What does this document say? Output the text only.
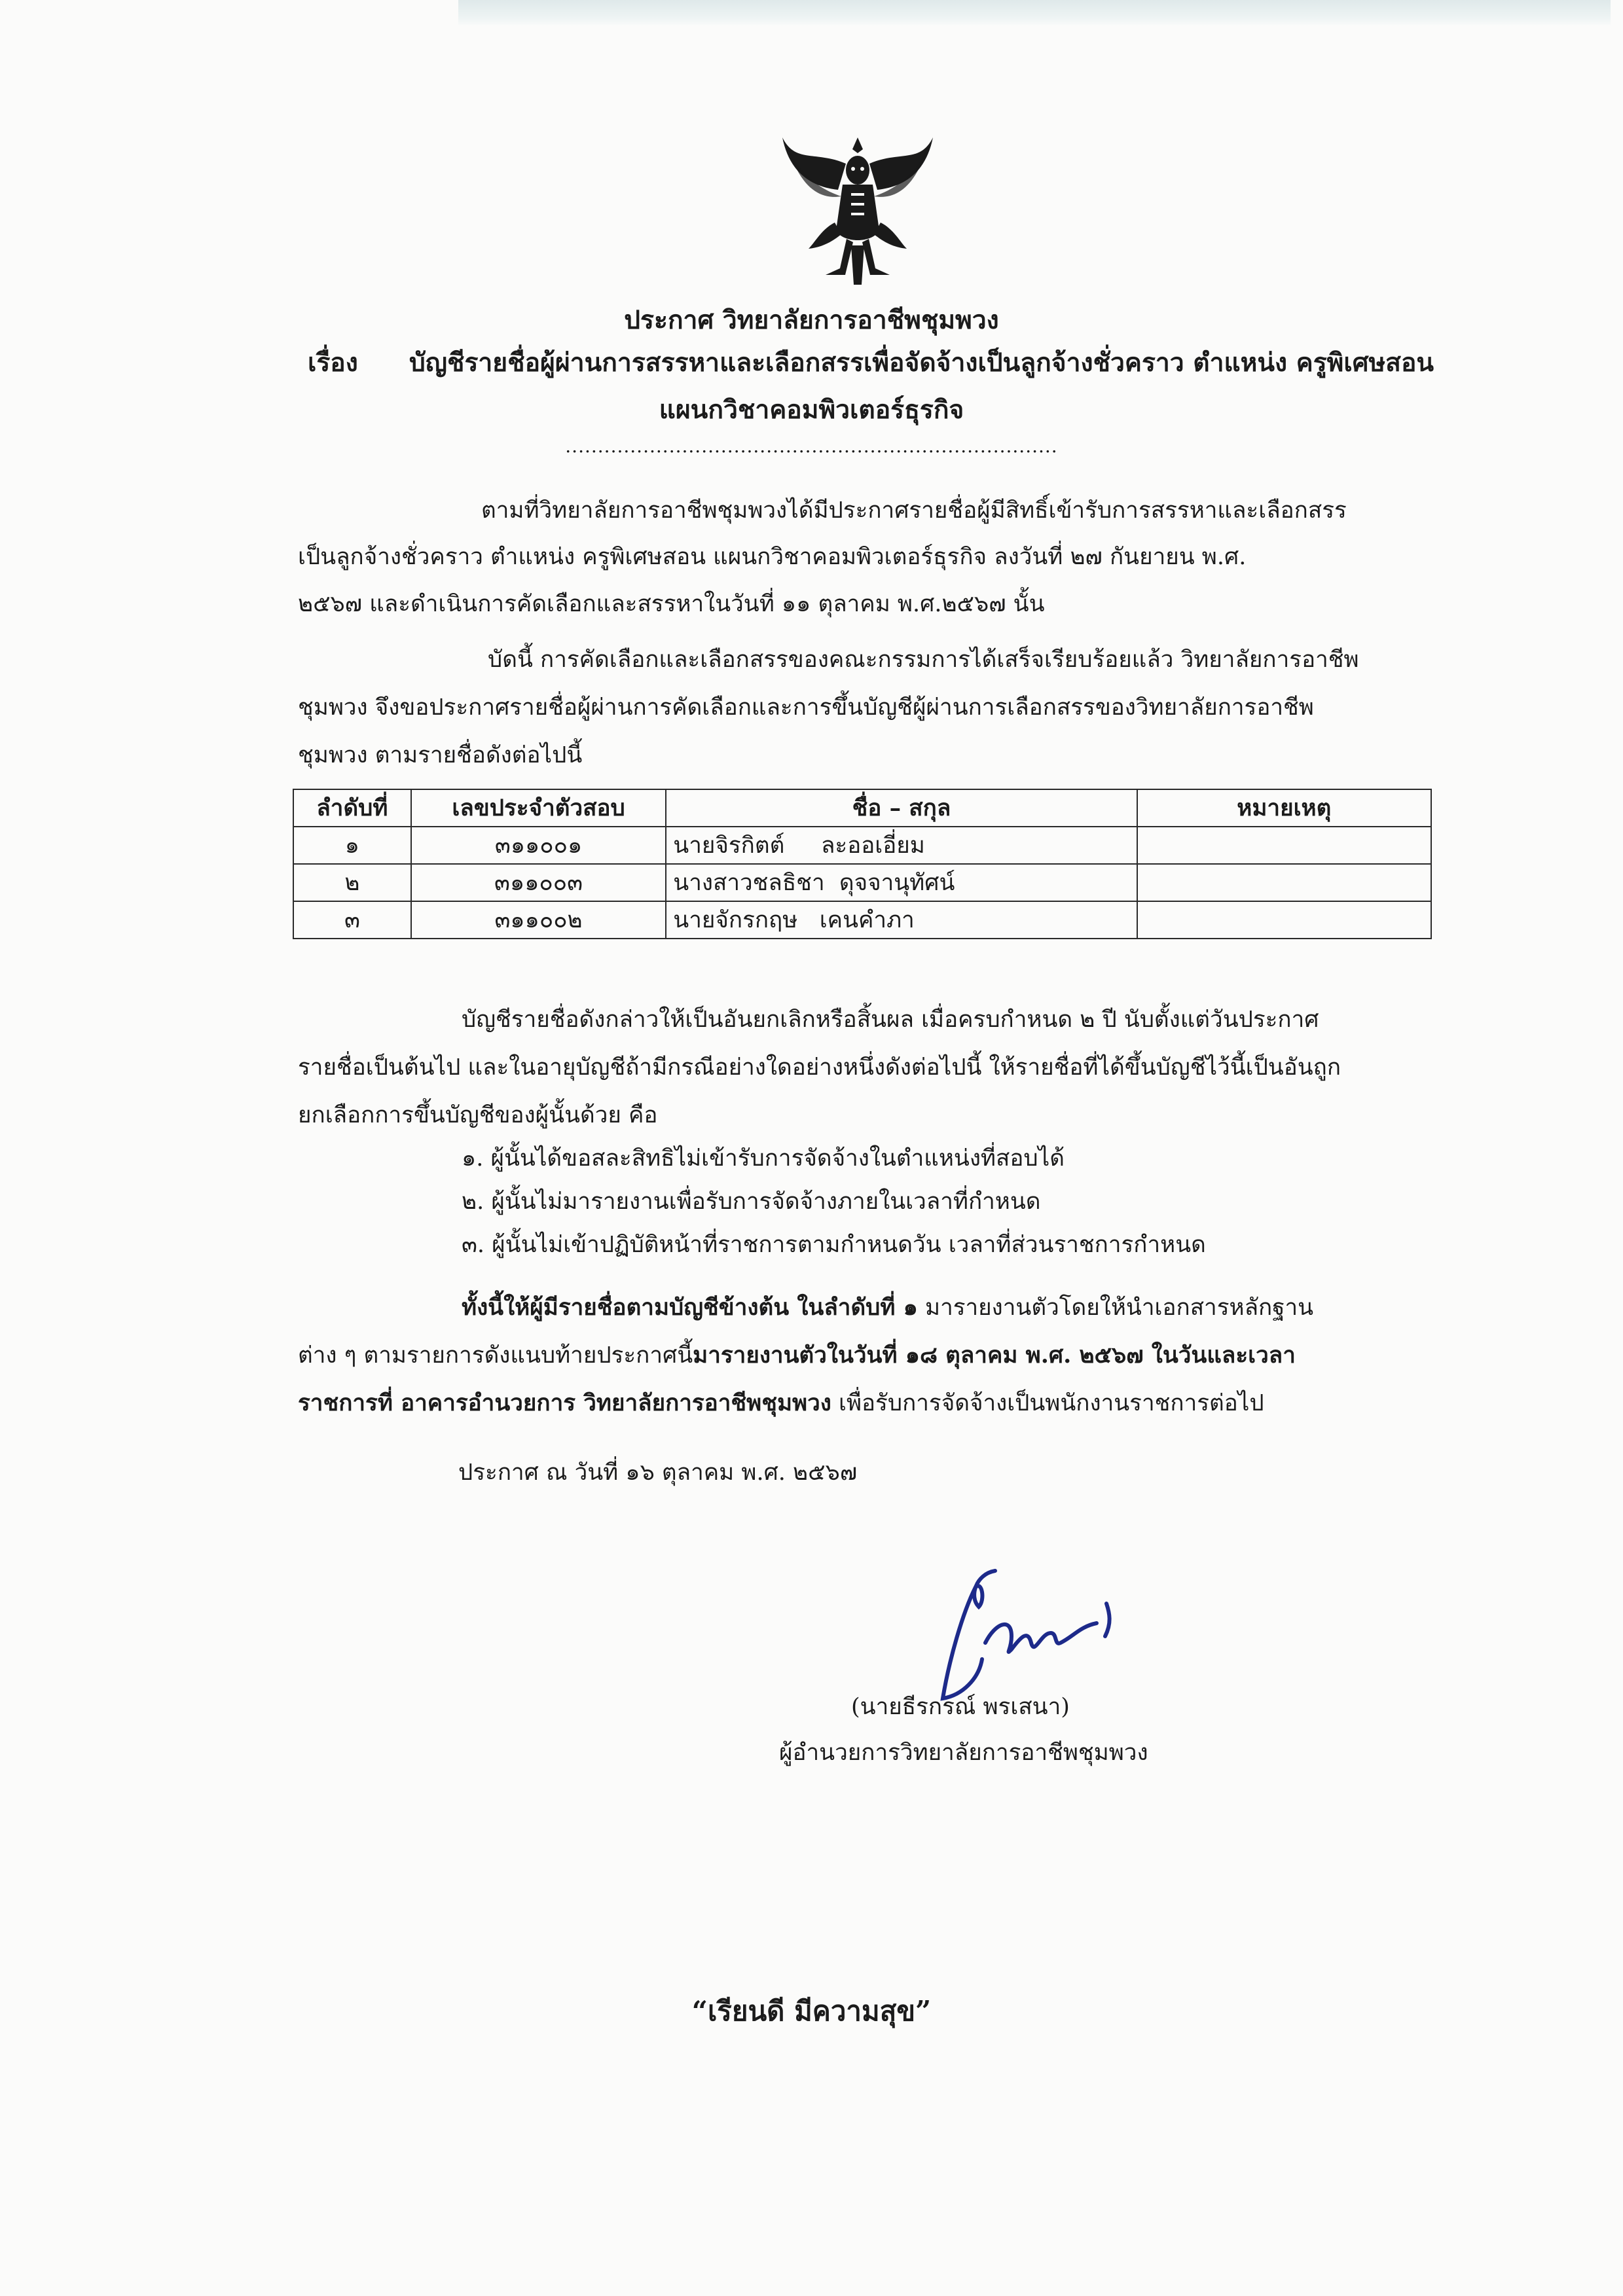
ประกาศ วิทยาลัยการอาชีพชุมพวง
เรื่อง บัญชีรายชื่อผู้ผ่านการสรรหาและเลือกสรรเพื่อจัดจ้างเป็นลูกจ้างชั่วคราว ตำแหน่ง ครูพิเศษสอน
แผนกวิชาคอมพิวเตอร์ธุรกิจ
............................................................................
ตามที่วิทยาลัยการอาชีพชุมพวงได้มีประกาศรายชื่อผู้มีสิทธิ์เข้ารับการสรรหาและเลือกสรร
เป็นลูกจ้างชั่วคราว ตำแหน่ง ครูพิเศษสอน แผนกวิชาคอมพิวเตอร์ธุรกิจ ลงวันที่ ๒๗ กันยายน พ.ศ.
๒๕๖๗ และดำเนินการคัดเลือกและสรรหาในวันที่ ๑๑ ตุลาคม พ.ศ.๒๕๖๗ นั้น
บัดนี้ การคัดเลือกและเลือกสรรของคณะกรรมการได้เสร็จเรียบร้อยแล้ว วิทยาลัยการอาชีพ
ชุมพวง จึงขอประกาศรายชื่อผู้ผ่านการคัดเลือกและการขึ้นบัญชีผู้ผ่านการเลือกสรรของวิทยาลัยการอาชีพ
ชุมพวง ตามรายชื่อดังต่อไปนี้
ลำดับที่	เลขประจำตัวสอบ	ชื่อ – สกุล	หมายเหตุ
๑	๓๑๑๐๐๑	นายจิรกิตต์     ละออเอี่ยม	
๒	๓๑๑๐๐๓	นางสาวชลธิชา  ดุจจานุทัศน์	
๓	๓๑๑๐๐๒	นายจักรกฤษ   เคนคำภา	
บัญชีรายชื่อดังกล่าวให้เป็นอันยกเลิกหรือสิ้นผล เมื่อครบกำหนด ๒ ปี นับตั้งแต่วันประกาศ
รายชื่อเป็นต้นไป และในอายุบัญชีถ้ามีกรณีอย่างใดอย่างหนึ่งดังต่อไปนี้ ให้รายชื่อที่ได้ขึ้นบัญชีไว้นี้เป็นอันถูก
ยกเลือกการขึ้นบัญชีของผู้นั้นด้วย คือ
๑. ผู้นั้นได้ขอสละสิทธิไม่เข้ารับการจัดจ้างในตำแหน่งที่สอบได้
๒. ผู้นั้นไม่มารายงานเพื่อรับการจัดจ้างภายในเวลาที่กำหนด
๓. ผู้นั้นไม่เข้าปฏิบัติหน้าที่ราชการตามกำหนดวัน เวลาที่ส่วนราชการกำหนด
ทั้งนี้ให้ผู้มีรายชื่อตามบัญชีข้างต้น ในลำดับที่ ๑ มารายงานตัวโดยให้นำเอกสารหลักฐาน
ต่าง ๆ ตามรายการดังแนบท้ายประกาศนี้มารายงานตัวในวันที่ ๑๘ ตุลาคม พ.ศ. ๒๕๖๗ ในวันและเวลา
ราชการที่ อาคารอำนวยการ วิทยาลัยการอาชีพชุมพวง เพื่อรับการจัดจ้างเป็นพนักงานราชการต่อไป
ประกาศ ณ วันที่ ๑๖ ตุลาคม พ.ศ. ๒๕๖๗
(นายธีรกรณ์ พรเสนา)
ผู้อำนวยการวิทยาลัยการอาชีพชุมพวง
“เรียนดี มีความสุข”
